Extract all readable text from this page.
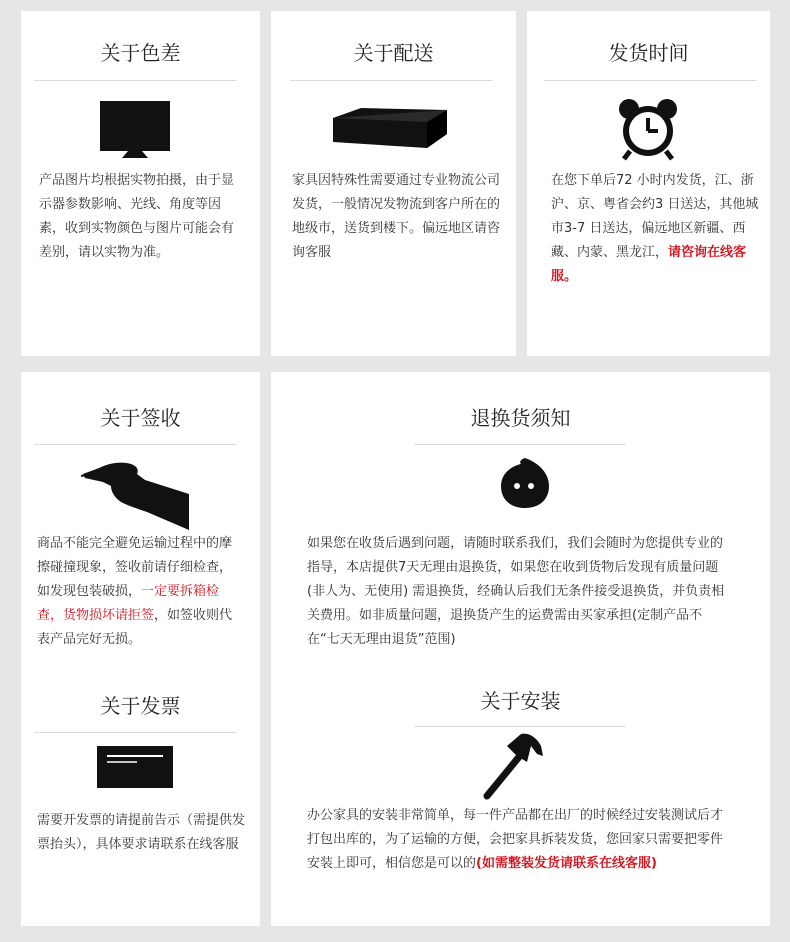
关于色差
产品图片均根据实物拍摄，由于显示器参数影响、光线、角度等因素，收到实物颜色与图片可能会有差别，请以实物为准。
关于配送
家具因特殊性需要通过专业物流公司发货，一般情况发物流到客户所在的地级市，送货到楼下。偏远地区请咨询客服
发货时间
在您下单后72 小时内发货，江、浙沪、京、粤省会约3 日送达，其他城市3-7 日送达，偏远地区新疆、西藏、内蒙、黑龙江，请咨询在线客服。
关于签收
商品不能完全避免运输过程中的摩擦碰撞现象，签收前请仔细检查，如发现包装破损，一定要拆箱检查，货物损坏请拒签，如签收则代表产品完好无损。
关于发票
需要开发票的请提前告示（需提供发票抬头），具体要求请联系在线客服
退换货须知
如果您在收货后遇到问题，请随时联系我们，我们会随时为您提供专业的指导，本店提供7天无理由退换货，如果您在收到货物后发现有质量问题(非人为、无使用) 需退换货，经确认后我们无条件接受退换货，并负责相关费用。如非质量问题，退换货产生的运费需由买家承担(定制产品不在“七天无理由退货”范围)
关于安装
办公家具的安装非常简单，每一件产品都在出厂的时候经过安装测试后才打包出库的，为了运输的方便，会把家具拆装发货，您回家只需要把零件安装上即可，相信您是可以的(如需整装发货请联系在线客服)
